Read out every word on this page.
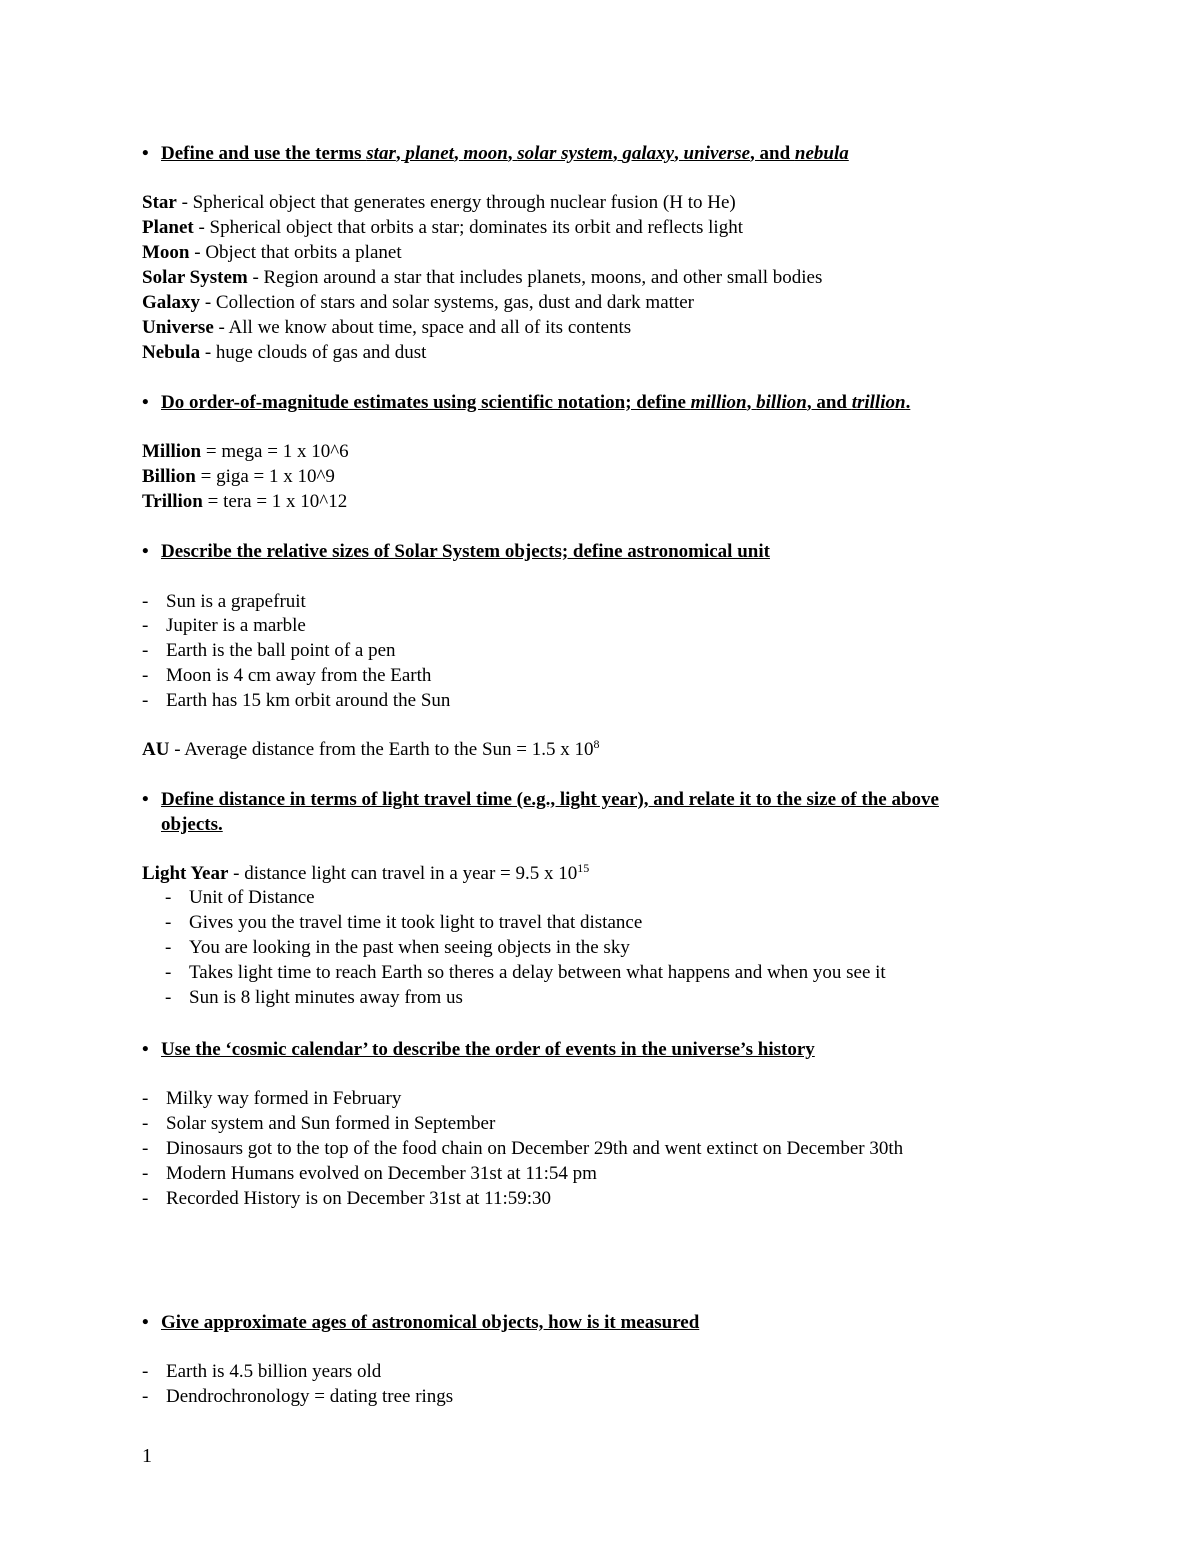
• Define and use the terms star, planet, moon, solar system, galaxy, universe, and nebula
Star - Spherical object that generates energy through nuclear fusion (H to He)
Planet - Spherical object that orbits a star; dominates its orbit and reflects light
Moon - Object that orbits a planet
Solar System - Region around a star that includes planets, moons, and other small bodies
Galaxy - Collection of stars and solar systems, gas, dust and dark matter
Universe - All we know about time, space and all of its contents
Nebula - huge clouds of gas and dust
• Do order-of-magnitude estimates using scientific notation; define million, billion, and trillion.
Million = mega = 1 x 10^6
Billion = giga = 1 x 10^9
Trillion = tera = 1 x 10^12
• Describe the relative sizes of Solar System objects; define astronomical unit
- Sun is a grapefruit
- Jupiter is a marble
- Earth is the ball point of a pen
- Moon is 4 cm away from the Earth
- Earth has 15 km orbit around the Sun
AU - Average distance from the Earth to the Sun = 1.5 x $10^8$
• Define distance in terms of light travel time (e.g., light year), and relate it to the size of the above
objects.
Light Year - distance light can travel in a year = 9.5 x $10^{15}$
- Unit of Distance
- Gives you the travel time it took light to travel that distance
- You are looking in the past when seeing objects in the sky
- Takes light time to reach Earth so theres a delay between what happens and when you see it
- Sun is 8 light minutes away from us
• Use the ‘cosmic calendar’ to describe the order of events in the universe’s history
- Milky way formed in February
- Solar system and Sun formed in September
- Dinosaurs got to the top of the food chain on December 29th and went extinct on December 30th
- Modern Humans evolved on December 31st at 11:54 pm
- Recorded History is on December 31st at 11:59:30
• Give approximate ages of astronomical objects, how is it measured
- Earth is 4.5 billion years old
- Dendrochronology = dating tree rings
1
